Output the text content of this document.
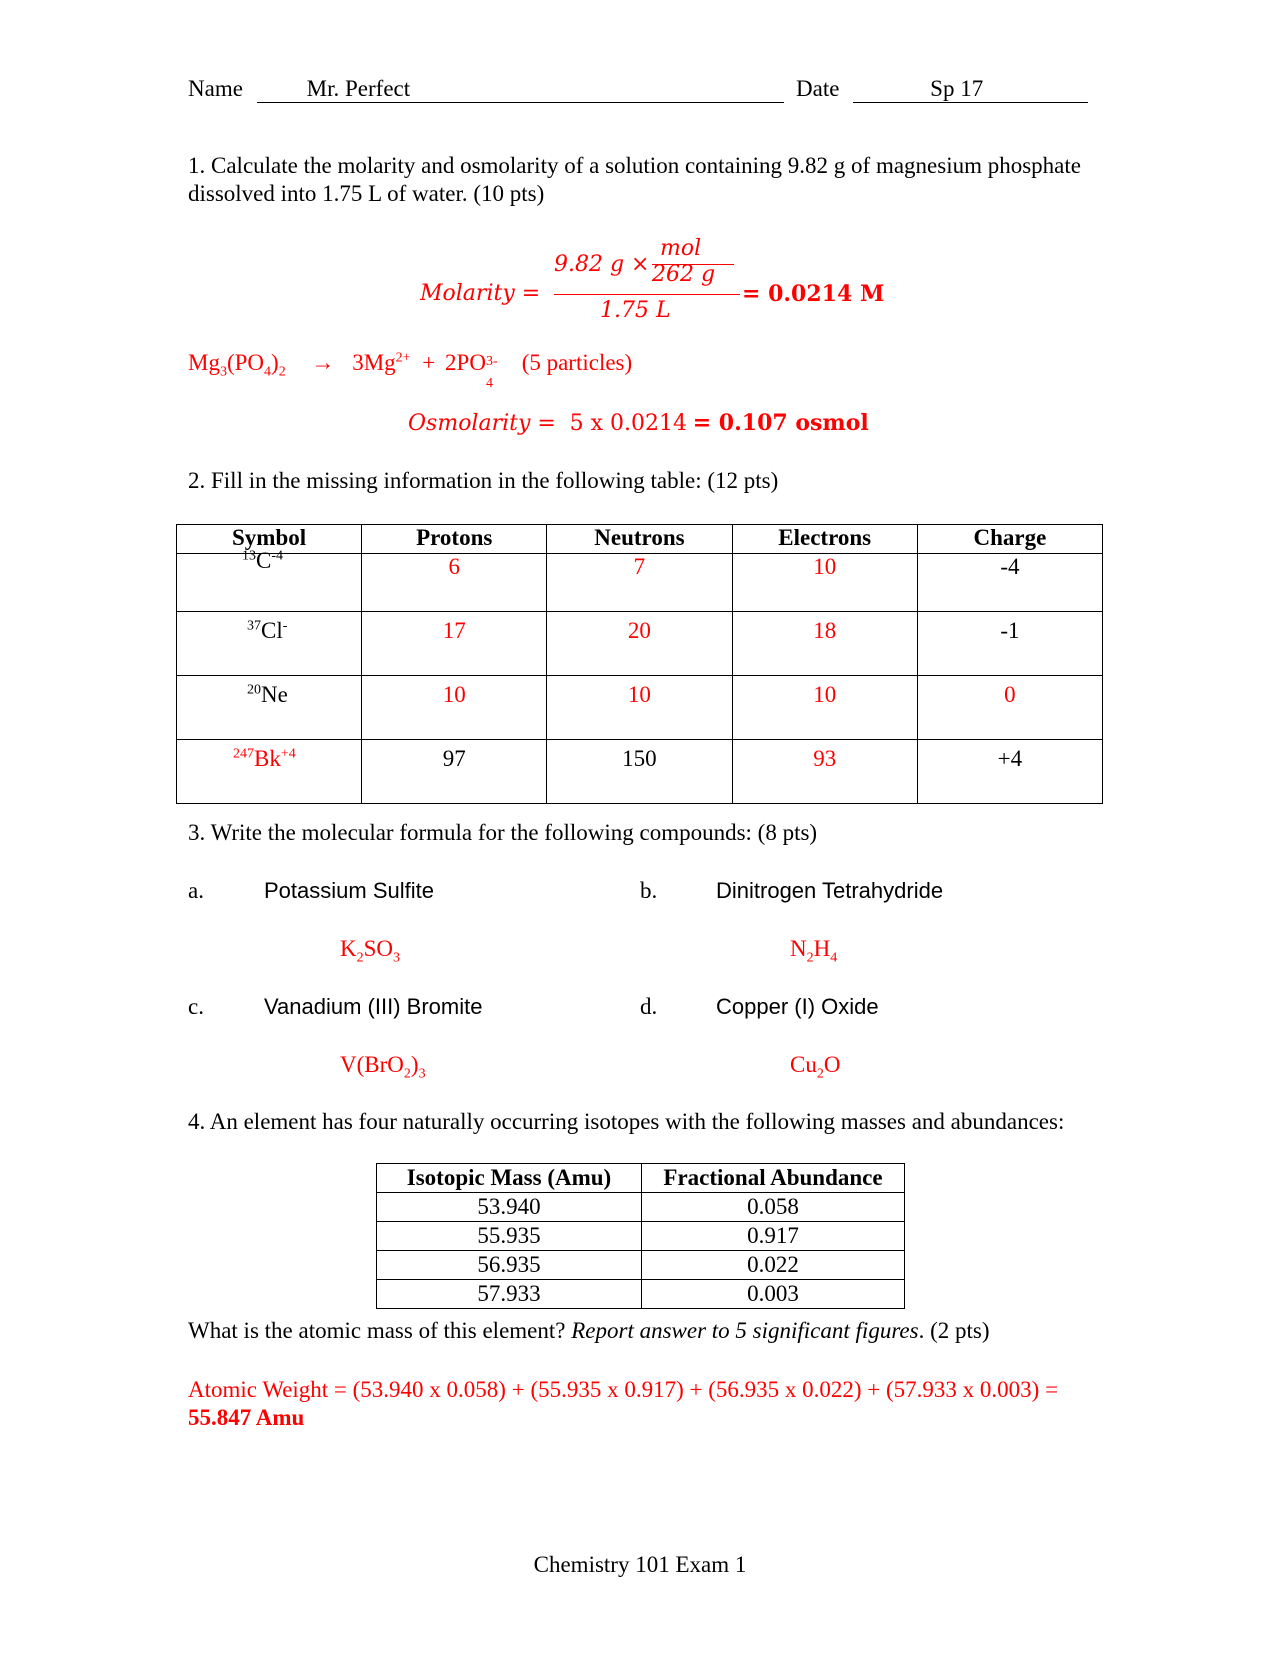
Name	Mr. Perfect	Date	Sp 17
1. Calculate the molarity and osmolarity of a solution containing 9.82 g of magnesium phosphate dissolved into 1.75 L of water. (10 pts)
Molarity =
9.82 g ×
mol
262 g
1.75 L
= 0.0214 M
$Mg_3(PO_4)_2 \to 3Mg^{2+} + 2PO$ 3-
4
(5 particles)
Osmolarity = 5 x 0.0214 = 0.107 osmol
2. Fill in the missing information in the following table: (12 pts)
Symbol	Protons	Neutrons	Electrons	Charge

$^{13}C^{-4}$	6	7	10	-4

$^{37}$Cl-	17	20	18	-1

$^{20}$Ne	10	10	10	0

$^{247}Bk^{+4}$	97	150	93	+4
3. Write the molecular formula for the following compounds: (8 pts)
a.	Potassium Sulfite
$K_2SO_3$
b.	Dinitrogen Tetrahydride
$N_2H_4$
c.	Vanadium (III) Bromite
$V(BrO_2)_3$
d.	Copper (I) Oxide
$Cu_2O$
4. An element has four naturally occurring isotopes with the following masses and abundances:
Isotopic Mass (Amu)	Fractional Abundance
53.940	0.058
55.935	0.917
56.935	0.022
57.933	0.003
What is the atomic mass of this element? Report answer to 5 significant figures. (2 pts)
Atomic Weight = (53.940 x 0.058) + (55.935 x 0.917) + (56.935 x 0.022) + (57.933 x 0.003) = 55.847 Amu
Chemistry 101 Exam 1
